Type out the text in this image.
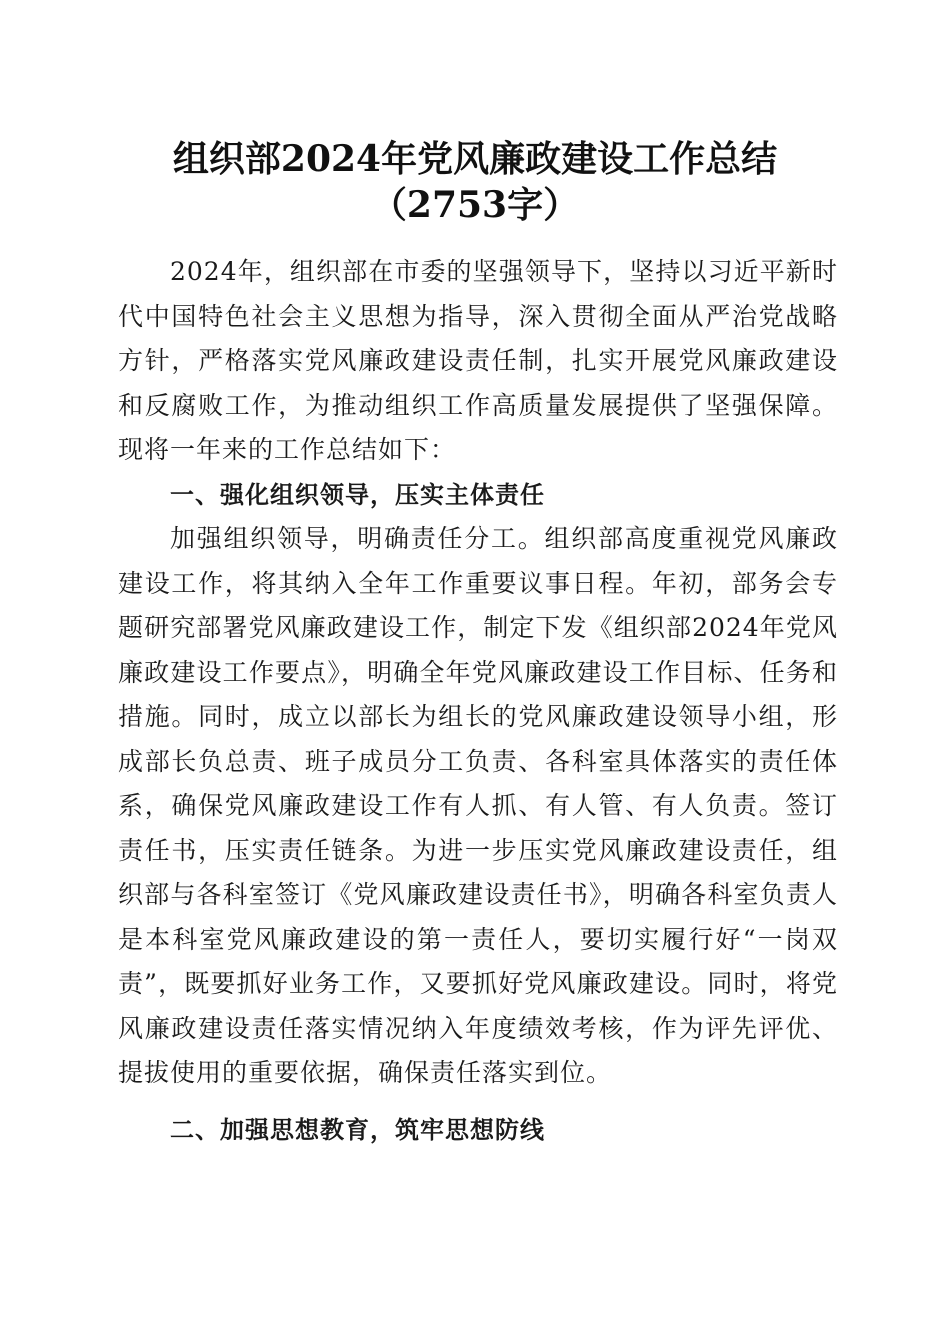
组织部2024年党风廉政建设工作总结（2753字）

2024年，组织部在市委的坚强领导下，坚持以习近平新时代中国特色社会主义思想为指导，深入贯彻全面从严治党战略方针，严格落实党风廉政建设责任制，扎实开展党风廉政建设和反腐败工作，为推动组织工作高质量发展提供了坚强保障。现将一年来的工作总结如下：

一、强化组织领导，压实主体责任

加强组织领导，明确责任分工。组织部高度重视党风廉政建设工作，将其纳入全年工作重要议事日程。年初，部务会专题研究部署党风廉政建设工作，制定下发《组织部2024年党风廉政建设工作要点》，明确全年党风廉政建设工作目标、任务和措施。同时，成立以部长为组长的党风廉政建设领导小组，形成部长负总责、班子成员分工负责、各科室具体落实的责任体系，确保党风廉政建设工作有人抓、有人管、有人负责。签订责任书，压实责任链条。为进一步压实党风廉政建设责任，组织部与各科室签订《党风廉政建设责任书》，明确各科室负责人是本科室党风廉政建设的第一责任人，要切实履行好“一岗双责”，既要抓好业务工作，又要抓好党风廉政建设。同时，将党风廉政建设责任落实情况纳入年度绩效考核，作为评先评优、提拔使用的重要依据，确保责任落实到位。

二、加强思想教育，筑牢思想防线
